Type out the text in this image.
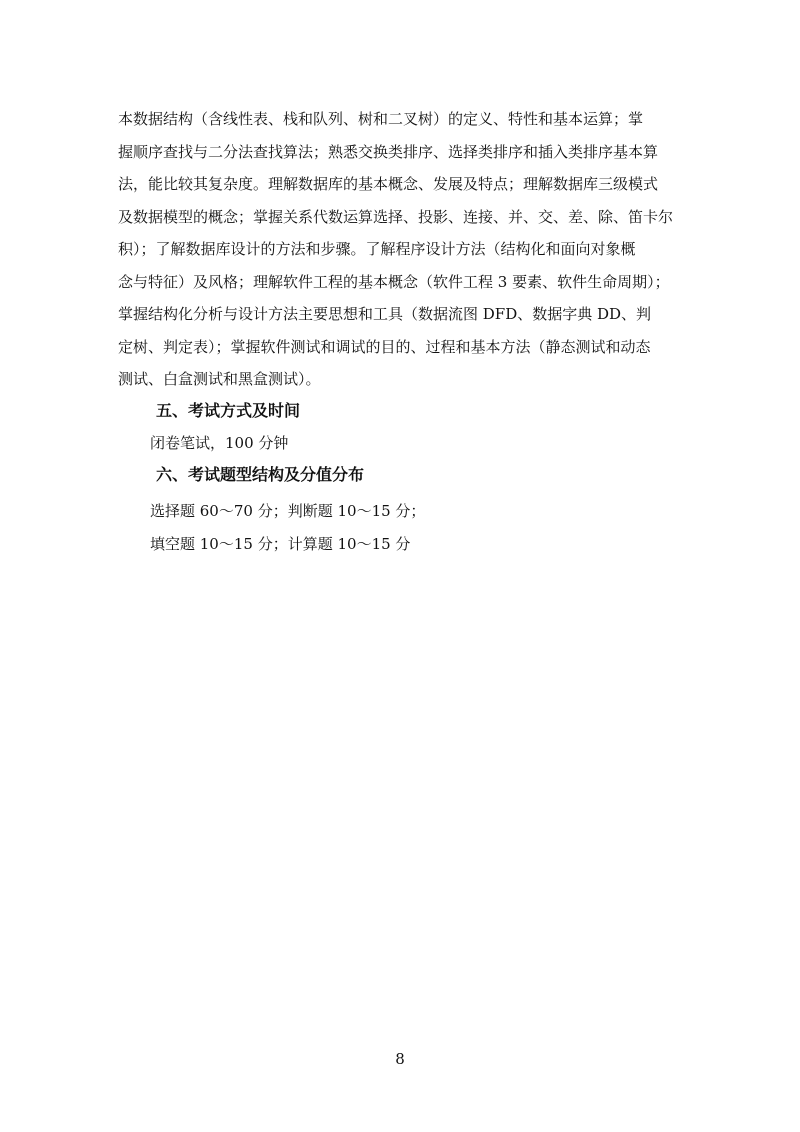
本数据结构（含线性表、栈和队列、树和二叉树）的定义、特性和基本运算；掌
握顺序查找与二分法查找算法；熟悉交换类排序、选择类排序和插入类排序基本算
法，能比较其复杂度。理解数据库的基本概念、发展及特点；理解数据库三级模式
及数据模型的概念；掌握关系代数运算选择、投影、连接、并、交、差、除、笛卡尔
积）；了解数据库设计的方法和步骤。了解程序设计方法（结构化和面向对象概
念与特征）及风格；理解软件工程的基本概念（软件工程 3 要素、软件生命周期）；
掌握结构化分析与设计方法主要思想和工具（数据流图 DFD、数据字典 DD、判
定树、判定表）；掌握软件测试和调试的目的、过程和基本方法（静态测试和动态
测试、白盒测试和黑盒测试）。

五、考试方式及时间

闭卷笔试，100 分钟

六、考试题型结构及分值分布

选择题 60～70 分；判断题 10～15 分；

填空题 10～15 分；计算题 10～15 分

8
